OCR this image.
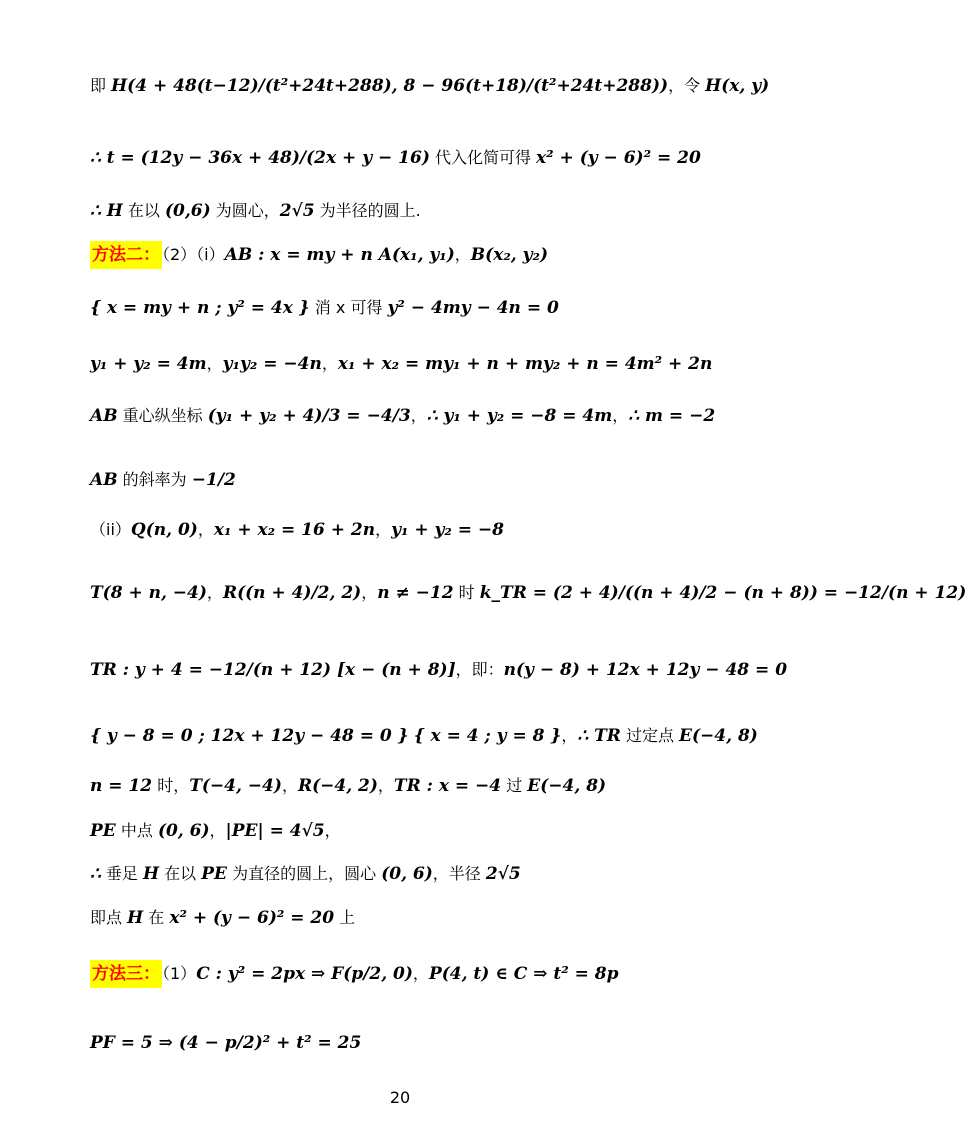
即 H(4 + 48(t−12)/(t²+24t+288), 8 − 96(t+18)/(t²+24t+288))，令 H(x, y)
∴ t = (12y − 36x + 48)/(2x + y − 16) 代入化简可得 x² + (y − 6)² = 20
∴ H 在以 (0,6) 为圆心，2√5 为半径的圆上.
方法二： （2）（i）AB : x = my + n A(x₁, y₁)，B(x₂, y₂)
{ x = my + n ; y² = 4x } 消 x 可得 y² − 4my − 4n = 0
y₁ + y₂ = 4m，y₁y₂ = −4n，x₁ + x₂ = my₁ + n + my₂ + n = 4m² + 2n
AB 重心纵坐标 (y₁ + y₂ + 4)/3 = −4/3，∴ y₁ + y₂ = −8 = 4m，∴ m = −2
AB 的斜率为 −1/2
（ii）Q(n, 0)，x₁ + x₂ = 16 + 2n，y₁ + y₂ = −8
T(8 + n, −4)，R((n + 4)/2, 2)，n ≠ −12 时 k_TR = (2 + 4)/((n + 4)/2 − (n + 8)) = −12/(n + 12)
TR : y + 4 = −12/(n + 12) [x − (n + 8)]，即：n(y − 8) + 12x + 12y − 48 = 0
{ y − 8 = 0 ; 12x + 12y − 48 = 0 } { x = 4 ; y = 8 }，∴ TR 过定点 E(−4, 8)
n = 12 时，T(−4, −4)，R(−4, 2)，TR : x = −4 过 E(−4, 8)
PE 中点 (0, 6)，|PE| = 4√5，
∴ 垂足 H 在以 PE 为直径的圆上，圆心 (0, 6)，半径 2√5
即点 H 在 x² + (y − 6)² = 20 上
方法三： （1）C : y² = 2px ⇒ F(p/2, 0)，P(4, t) ∈ C ⇒ t² = 8p
PF = 5 ⇒ (4 − p/2)² + t² = 25
20
